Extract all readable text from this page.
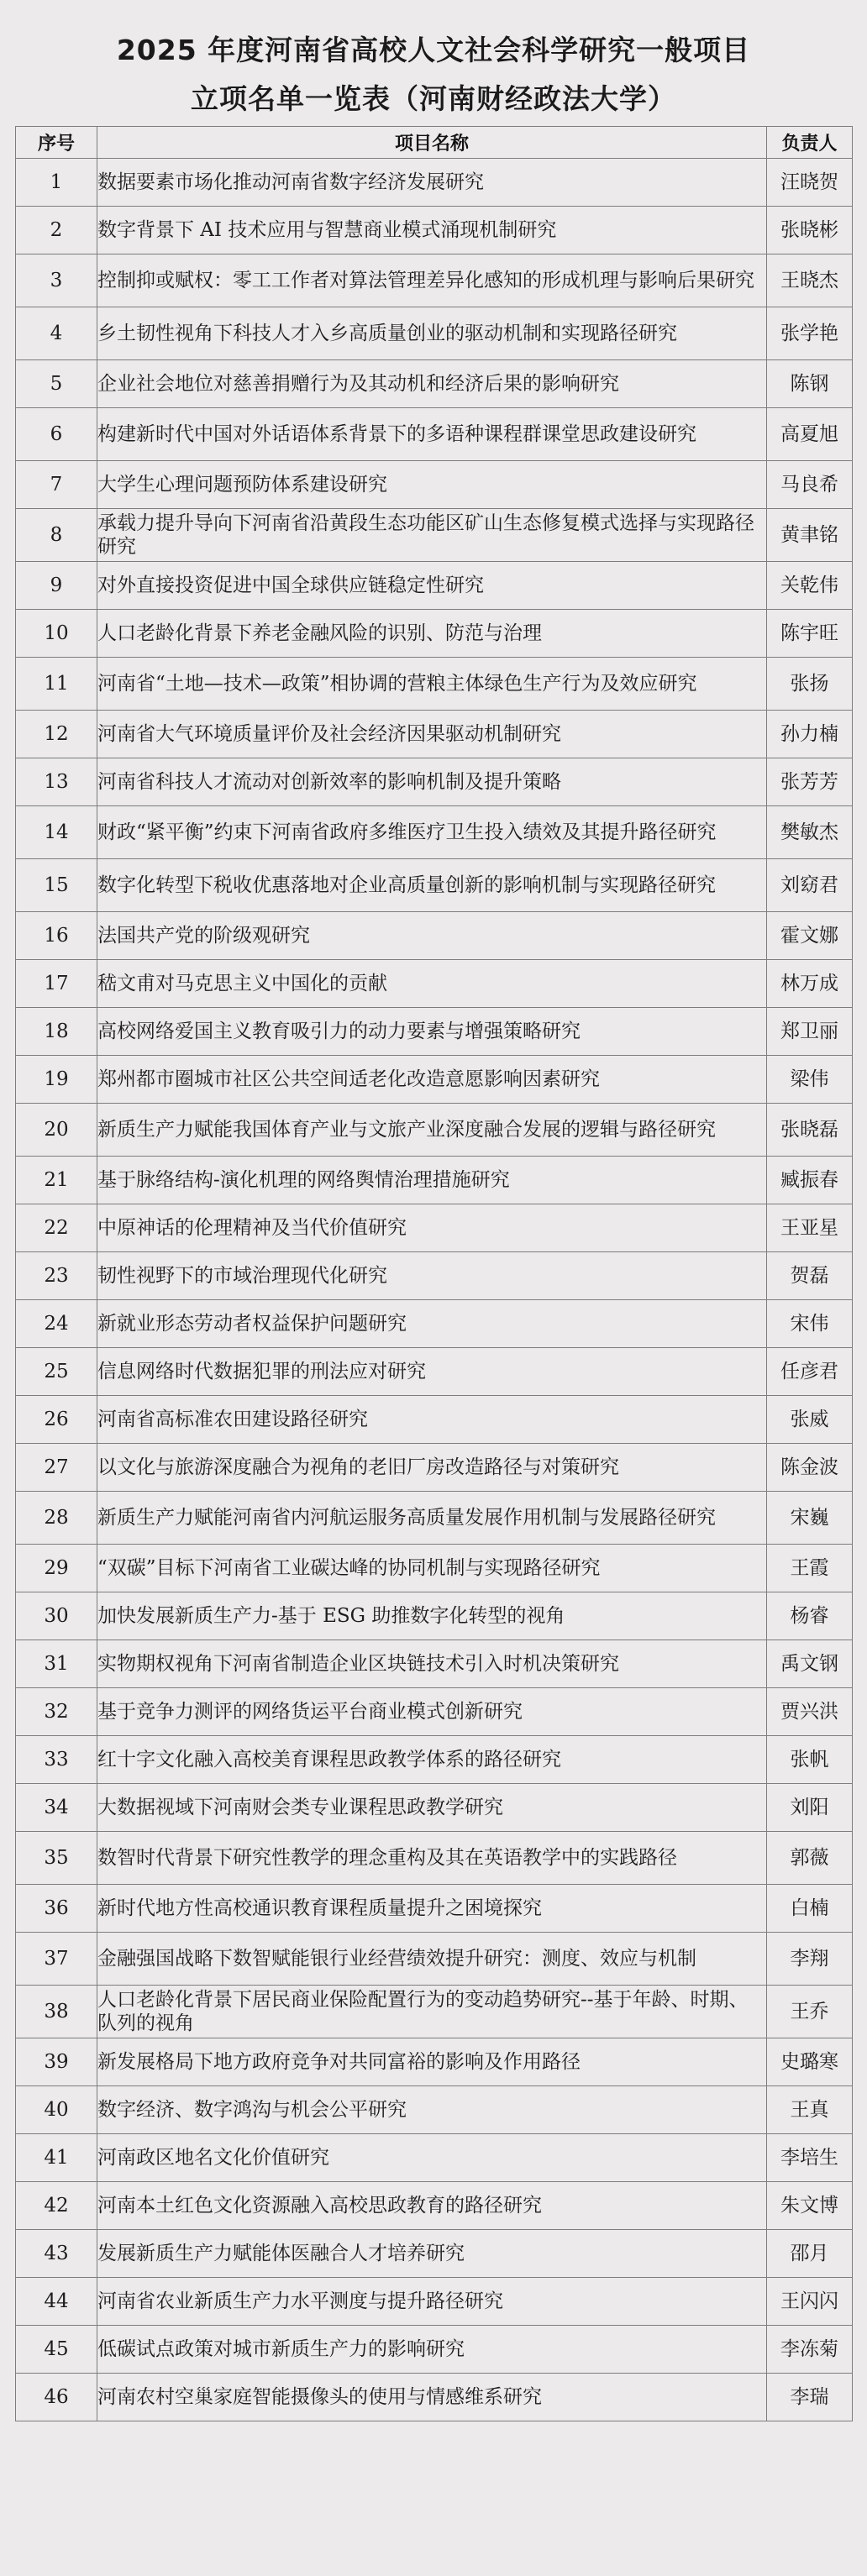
2025 年度河南省高校人文社会科学研究一般项目
立项名单一览表（河南财经政法大学）
序号	项目名称	负责人
1	数据要素市场化推动河南省数字经济发展研究	汪晓贺
2	数字背景下 AI 技术应用与智慧商业模式涌现机制研究	张晓彬
3	控制抑或赋权：零工工作者对算法管理差异化感知的形成机理与影响后果研究	王晓杰
4	乡土韧性视角下科技人才入乡高质量创业的驱动机制和实现路径研究	张学艳
5	企业社会地位对慈善捐赠行为及其动机和经济后果的影响研究	陈钢
6	构建新时代中国对外话语体系背景下的多语种课程群课堂思政建设研究	高夏旭
7	大学生心理问题预防体系建设研究	马良希
8	承载力提升导向下河南省沿黄段生态功能区矿山生态修复模式选择与实现路径研究	黄聿铭
9	对外直接投资促进中国全球供应链稳定性研究	关乾伟
10	人口老龄化背景下养老金融风险的识别、防范与治理	陈宇旺
11	河南省“土地—技术—政策”相协调的营粮主体绿色生产行为及效应研究	张扬
12	河南省大气环境质量评价及社会经济因果驱动机制研究	孙力楠
13	河南省科技人才流动对创新效率的影响机制及提升策略	张芳芳
14	财政“紧平衡”约束下河南省政府多维医疗卫生投入绩效及其提升路径研究	樊敏杰
15	数字化转型下税收优惠落地对企业高质量创新的影响机制与实现路径研究	刘窈君
16	法国共产党的阶级观研究	霍文娜
17	嵇文甫对马克思主义中国化的贡献	林万成
18	高校网络爱国主义教育吸引力的动力要素与增强策略研究	郑卫丽
19	郑州都市圈城市社区公共空间适老化改造意愿影响因素研究	梁伟
20	新质生产力赋能我国体育产业与文旅产业深度融合发展的逻辑与路径研究	张晓磊
21	基于脉络结构-演化机理的网络舆情治理措施研究	臧振春
22	中原神话的伦理精神及当代价值研究	王亚星
23	韧性视野下的市域治理现代化研究	贺磊
24	新就业形态劳动者权益保护问题研究	宋伟
25	信息网络时代数据犯罪的刑法应对研究	任彦君
26	河南省高标准农田建设路径研究	张威
27	以文化与旅游深度融合为视角的老旧厂房改造路径与对策研究	陈金波
28	新质生产力赋能河南省内河航运服务高质量发展作用机制与发展路径研究	宋巍
29	“双碳”目标下河南省工业碳达峰的协同机制与实现路径研究	王霞
30	加快发展新质生产力-基于 ESG 助推数字化转型的视角	杨睿
31	实物期权视角下河南省制造企业区块链技术引入时机决策研究	禹文钢
32	基于竞争力测评的网络货运平台商业模式创新研究	贾兴洪
33	红十字文化融入高校美育课程思政教学体系的路径研究	张帆
34	大数据视域下河南财会类专业课程思政教学研究	刘阳
35	数智时代背景下研究性教学的理念重构及其在英语教学中的实践路径	郭薇
36	新时代地方性高校通识教育课程质量提升之困境探究	白楠
37	金融强国战略下数智赋能银行业经营绩效提升研究：测度、效应与机制	李翔
38	人口老龄化背景下居民商业保险配置行为的变动趋势研究--基于年龄、时期、队列的视角	王乔
39	新发展格局下地方政府竞争对共同富裕的影响及作用路径	史璐寒
40	数字经济、数字鸿沟与机会公平研究	王真
41	河南政区地名文化价值研究	李培生
42	河南本土红色文化资源融入高校思政教育的路径研究	朱文博
43	发展新质生产力赋能体医融合人才培养研究	邵月
44	河南省农业新质生产力水平测度与提升路径研究	王闪闪
45	低碳试点政策对城市新质生产力的影响研究	李冻菊
46	河南农村空巢家庭智能摄像头的使用与情感维系研究	李瑞
